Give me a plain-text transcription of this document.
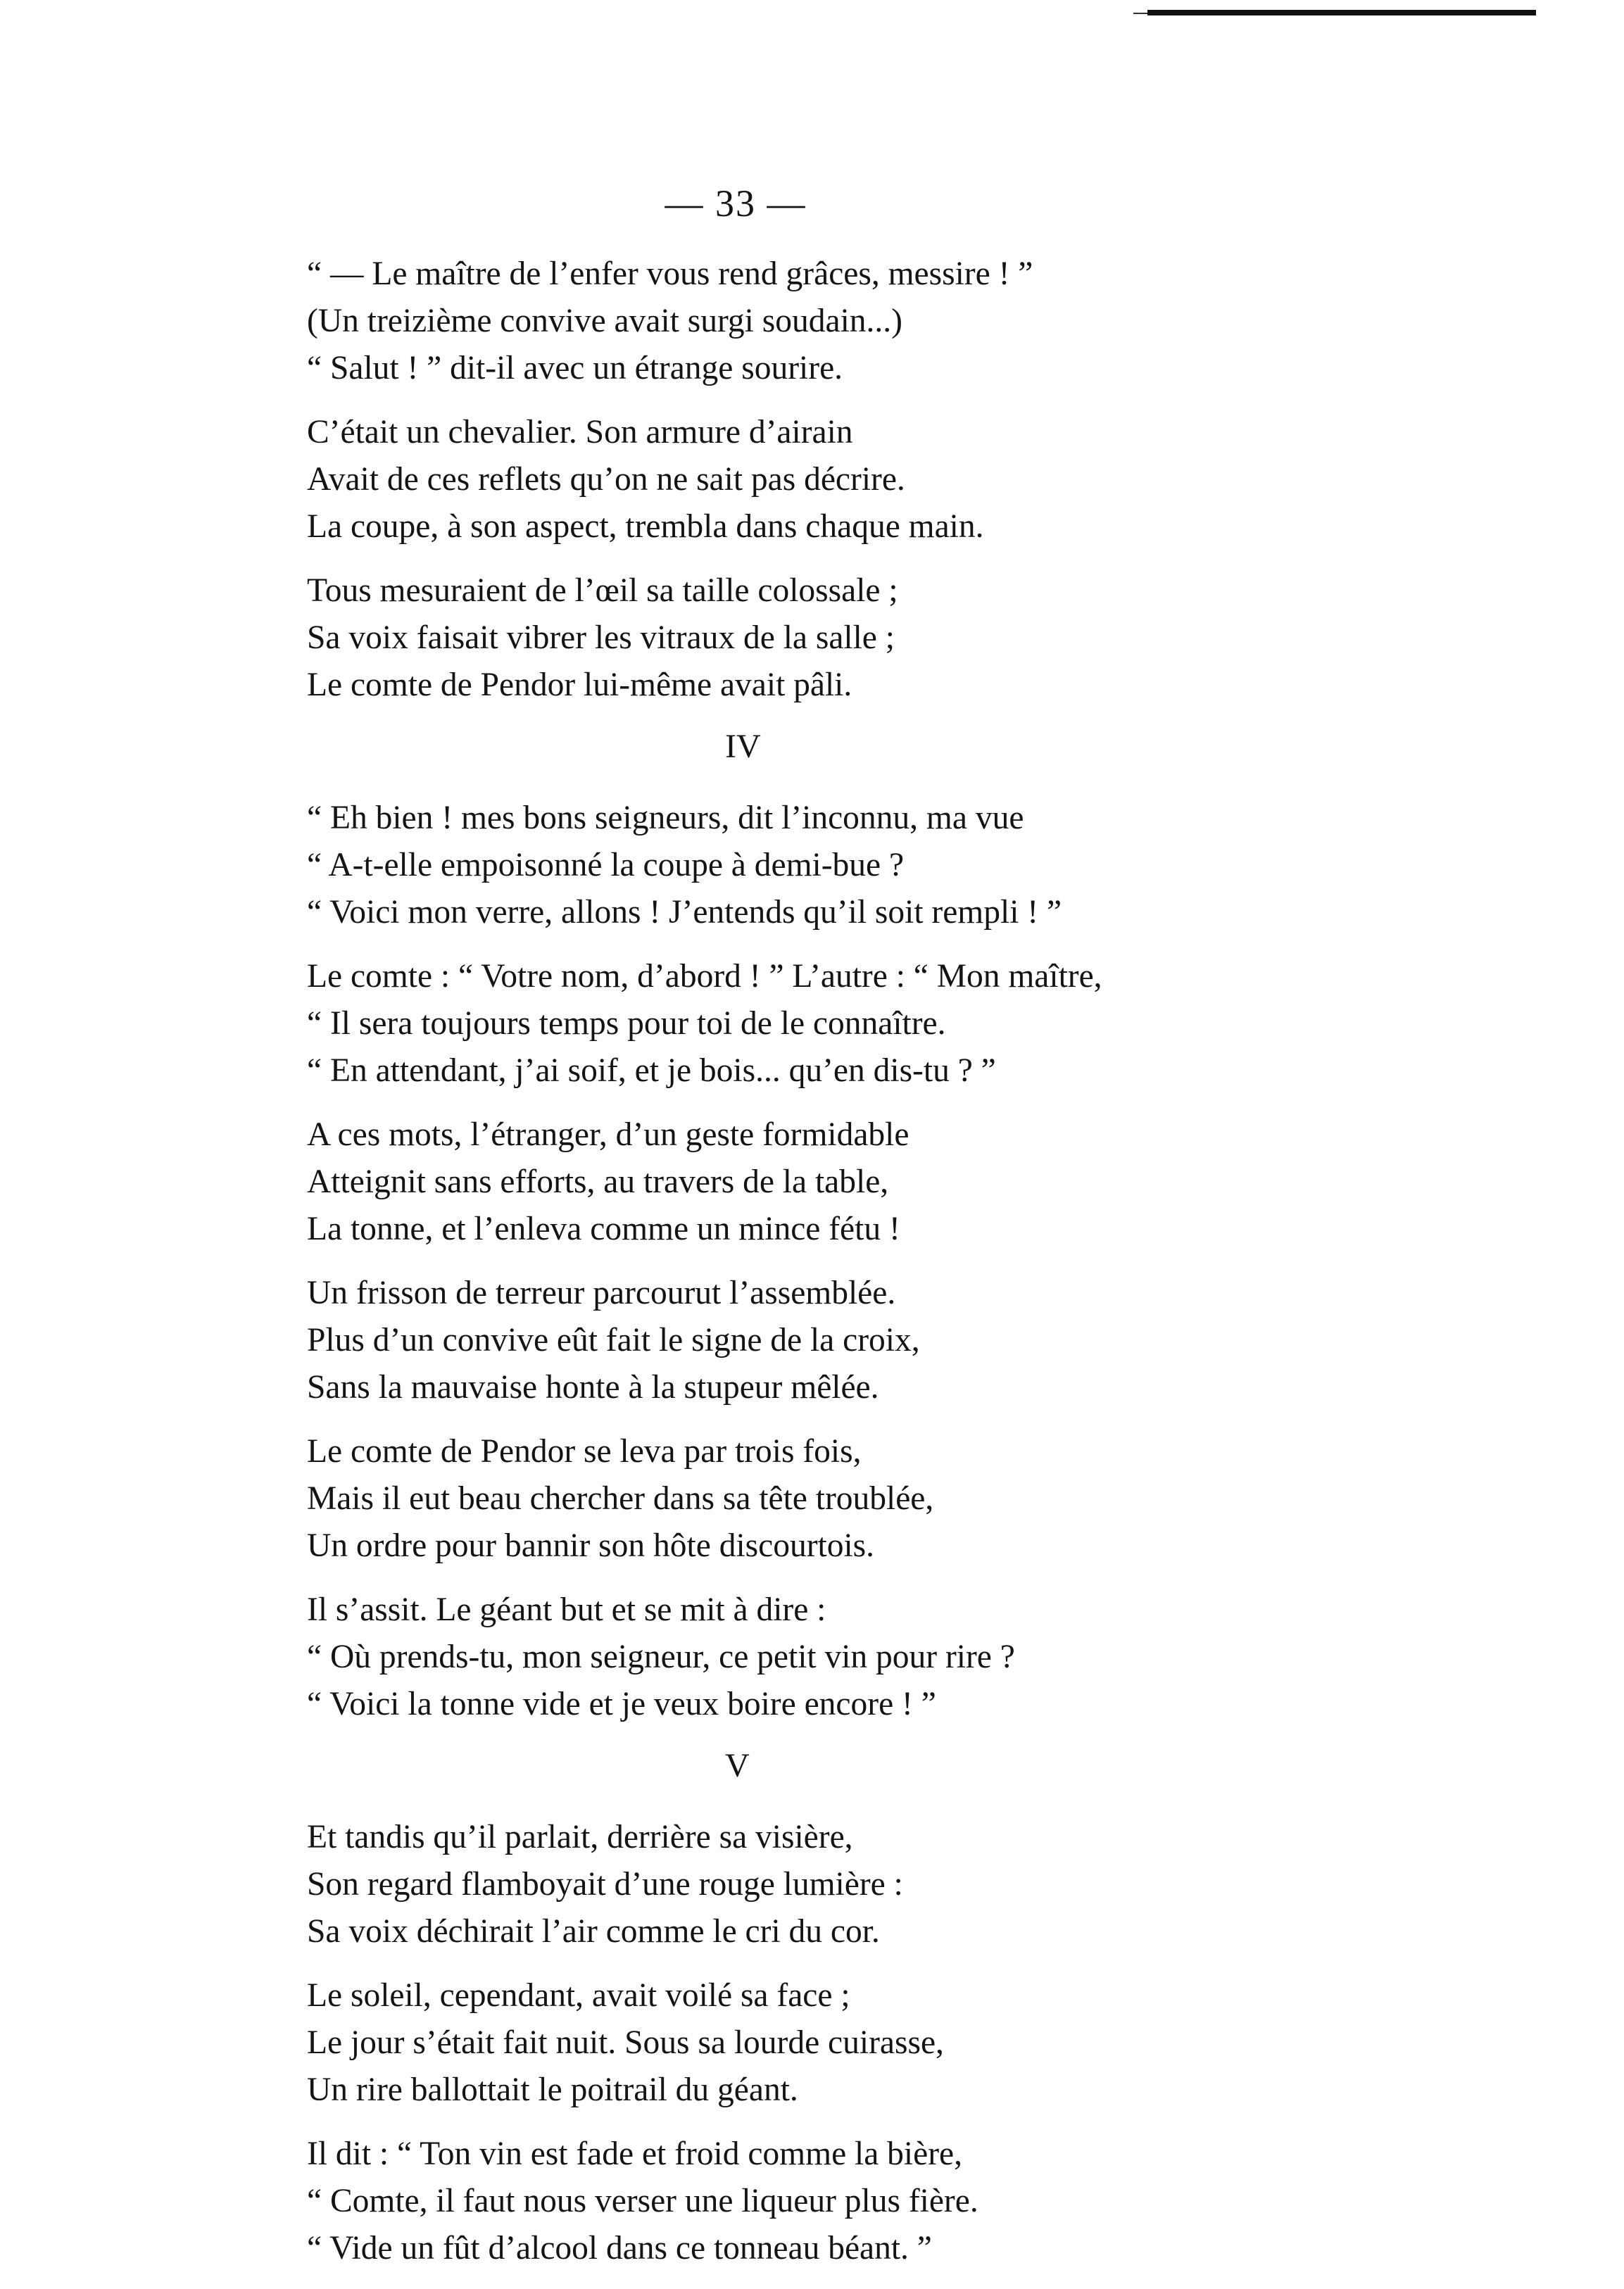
— 33 —
“ — Le maître de l’enfer vous rend grâces, messire ! ”
(Un treizième convive avait surgi soudain...)
“ Salut ! ” dit-il avec un étrange sourire.
C’était un chevalier. Son armure d’airain
Avait de ces reflets qu’on ne sait pas décrire.
La coupe, à son aspect, trembla dans chaque main.
Tous mesuraient de l’œil sa taille colossale ;
Sa voix faisait vibrer les vitraux de la salle ;
Le comte de Pendor lui-même avait pâli.
IV
“ Eh bien ! mes bons seigneurs, dit l’inconnu, ma vue
“ A-t-elle empoisonné la coupe à demi-bue ?
“ Voici mon verre, allons ! J’entends qu’il soit rempli ! ”
Le comte : “ Votre nom, d’abord ! ” L’autre : “ Mon maître,
“ Il sera toujours temps pour toi de le connaître.
“ En attendant, j’ai soif, et je bois... qu’en dis-tu ? ”
A ces mots, l’étranger, d’un geste formidable
Atteignit sans efforts, au travers de la table,
La tonne, et l’enleva comme un mince fétu !
Un frisson de terreur parcourut l’assemblée.
Plus d’un convive eût fait le signe de la croix,
Sans la mauvaise honte à la stupeur mêlée.
Le comte de Pendor se leva par trois fois,
Mais il eut beau chercher dans sa tête troublée,
Un ordre pour bannir son hôte discourtois.
Il s’assit. Le géant but et se mit à dire :
“ Où prends-tu, mon seigneur, ce petit vin pour rire ?
“ Voici la tonne vide et je veux boire encore ! ”
V
Et tandis qu’il parlait, derrière sa visière,
Son regard flamboyait d’une rouge lumière :
Sa voix déchirait l’air comme le cri du cor.
Le soleil, cependant, avait voilé sa face ;
Le jour s’était fait nuit. Sous sa lourde cuirasse,
Un rire ballottait le poitrail du géant.
Il dit : “ Ton vin est fade et froid comme la bière,
“ Comte, il faut nous verser une liqueur plus fière.
“ Vide un fût d’alcool dans ce tonneau béant. ”
